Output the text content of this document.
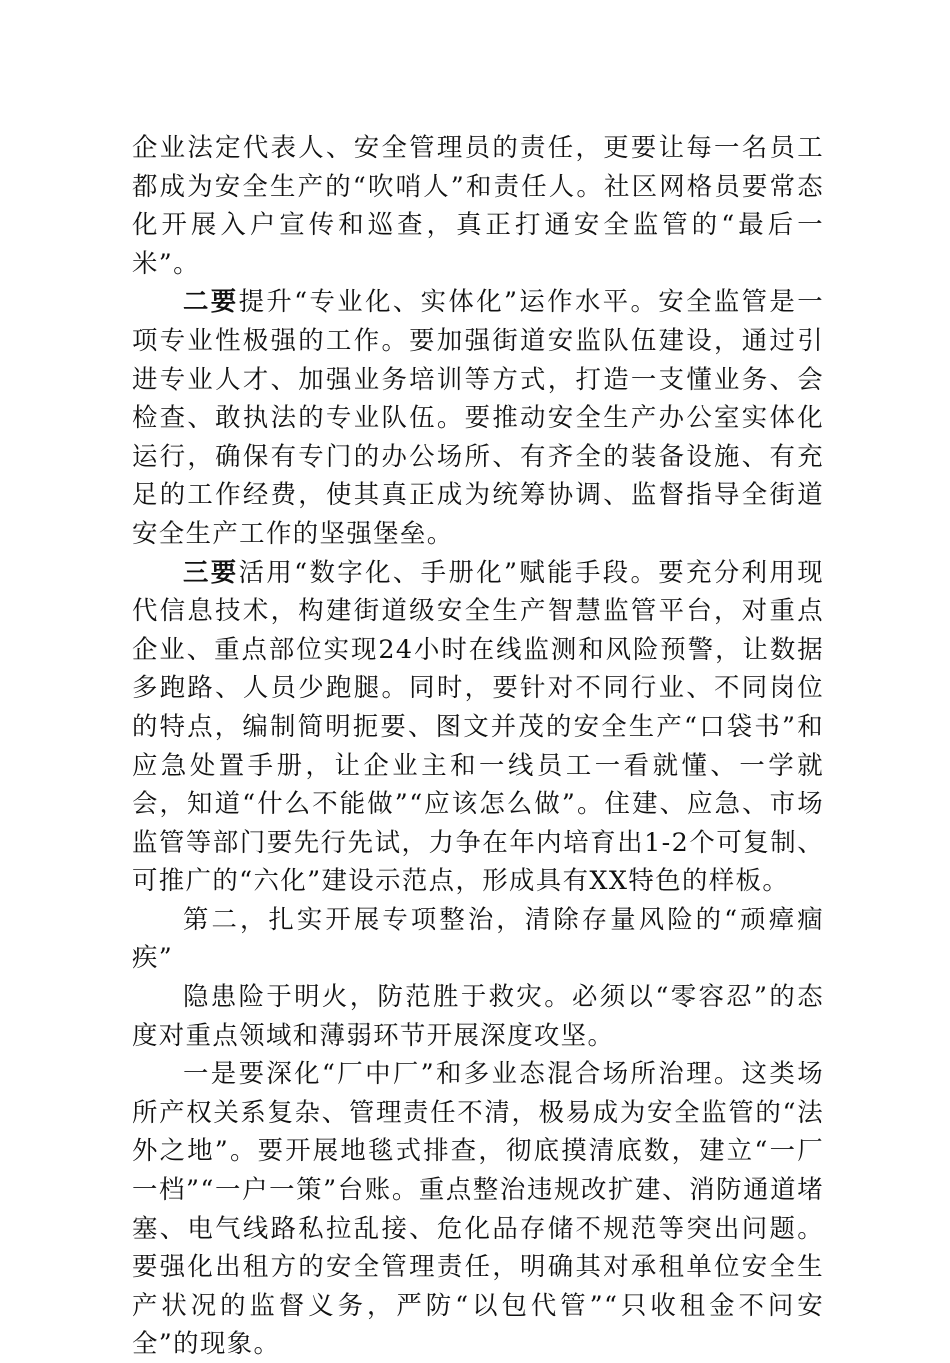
企业法定代表人、安全管理员的责任，更要让每一名员工都成为安全生产的“吹哨人”和责任人。社区网格员要常态化开展入户宣传和巡查，真正打通安全监管的“最后一米”。

二要提升“专业化、实体化”运作水平。安全监管是一项专业性极强的工作。要加强街道安监队伍建设，通过引进专业人才、加强业务培训等方式，打造一支懂业务、会检查、敢执法的专业队伍。要推动安全生产办公室实体化运行，确保有专门的办公场所、有齐全的装备设施、有充足的工作经费，使其真正成为统筹协调、监督指导全街道安全生产工作的坚强堡垒。

三要活用“数字化、手册化”赋能手段。要充分利用现代信息技术，构建街道级安全生产智慧监管平台，对重点企业、重点部位实现24小时在线监测和风险预警，让数据多跑路、人员少跑腿。同时，要针对不同行业、不同岗位的特点，编制简明扼要、图文并茂的安全生产“口袋书”和应急处置手册，让企业主和一线员工一看就懂、一学就会，知道“什么不能做”“应该怎么做”。住建、应急、市场监管等部门要先行先试，力争在年内培育出1-2个可复制、可推广的“六化”建设示范点，形成具有XX特色的样板。

第二，扎实开展专项整治，清除存量风险的“顽瘴痼疾”

隐患险于明火，防范胜于救灾。必须以“零容忍”的态度对重点领域和薄弱环节开展深度攻坚。

一是要深化“厂中厂”和多业态混合场所治理。这类场所产权关系复杂、管理责任不清，极易成为安全监管的“法外之地”。要开展地毯式排查，彻底摸清底数，建立“一厂一档”“一户一策”台账。重点整治违规改扩建、消防通道堵塞、电气线路私拉乱接、危化品存储不规范等突出问题。要强化出租方的安全管理责任，明确其对承租单位安全生产状况的监督义务，严防“以包代管”“只收租金不问安全”的现象。
